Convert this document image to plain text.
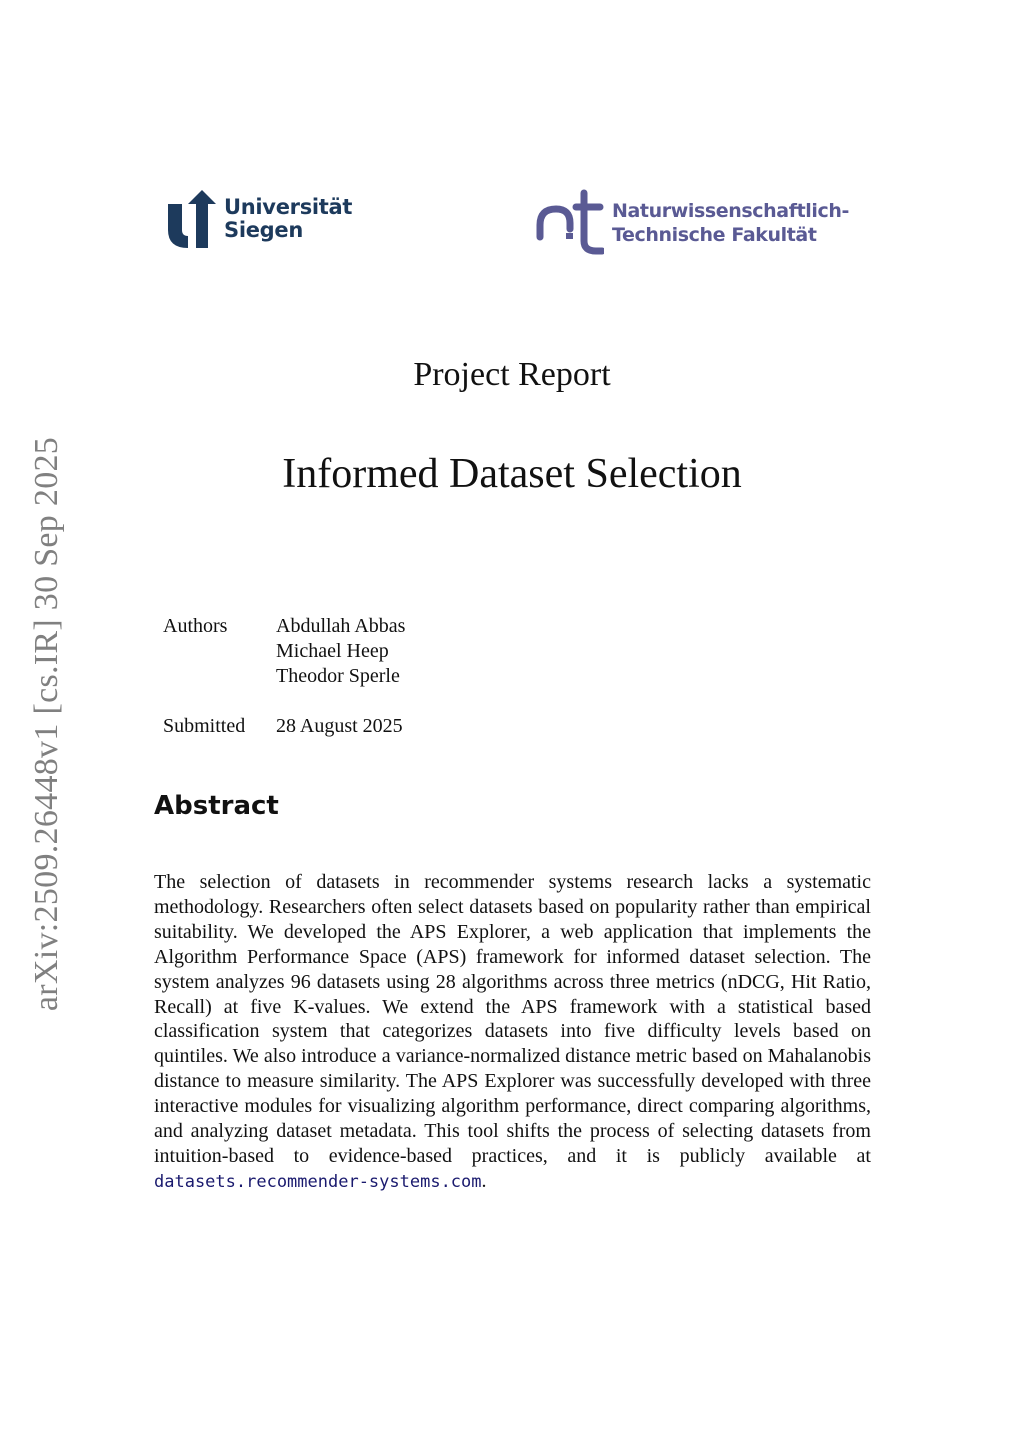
arXiv:2509.26448v1 [cs.IR] 30 Sep 2025
Universität
Siegen
Naturwissenschaftlich-
Technische Fakultät
Project Report
Informed Dataset Selection
Authors	Abdullah Abbas
Michael Heep
Theodor Sperle
Submitted	28 August 2025
Abstract
The selection of datasets in recommender systems research lacks a systematic methodology. Researchers often select datasets based on popularity rather than empirical suitability. We developed the APS Explorer, a web application that implements the Algorithm Performance Space (APS) framework for informed dataset selection. The system analyzes 96 datasets using 28 algorithms across three metrics (nDCG, Hit Ratio, Recall) at five K-values. We extend the APS framework with a statistical based classification system that categorizes datasets into five difficulty levels based on quintiles. We also introduce a variance-normalized distance metric based on Mahalanobis distance to measure similarity. The APS Explorer was successfully developed with three interactive modules for visualizing algorithm performance, direct comparing algorithms, and analyzing dataset metadata. This tool shifts the process of selecting datasets from intuition-based to evidence-based practices, and it is publicly available at datasets.recommender-systems.com.
